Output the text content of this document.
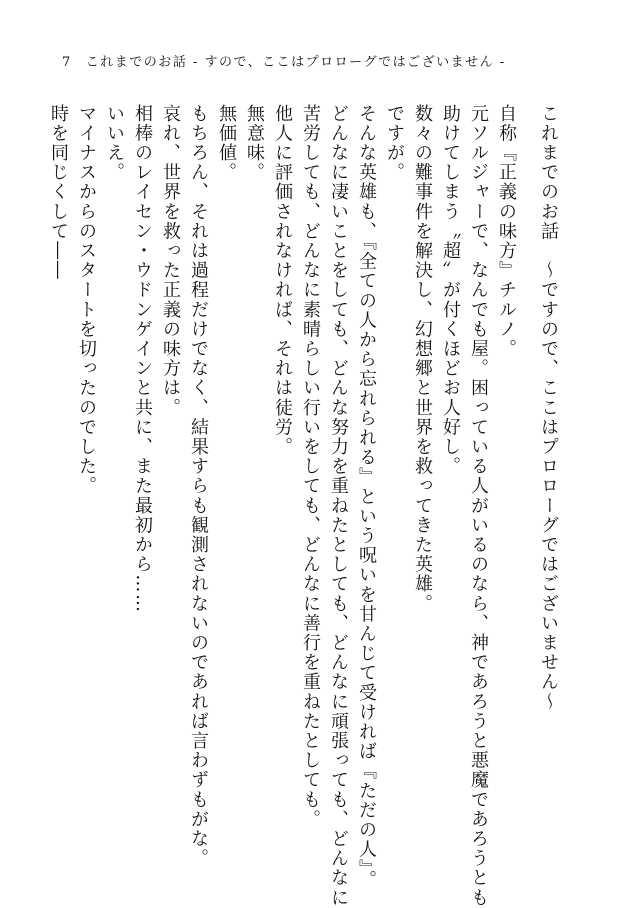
7 これまでのお話 - すので、ここはプロローグではございません -
これまでのお話　～ですので、ここはプロローグではございません～
自称『正義の味方』チルノ。
元ソルジャーで、なんでも屋。困っている人がいるのなら、神であろうと悪魔であろうとも
助けてしまう〝超〟が付くほどお人好し。
数々の難事件を解決し、幻想郷と世界を救ってきた英雄。
ですが。
そんな英雄も、『全ての人から忘れられる』という呪いを甘んじて受ければ『ただの人』。
どんなに凄いことをしても、どんな努力を重ねたとしても、どんなに頑張っても、どんなに
苦労しても、どんなに素晴らしい行いをしても、どんなに善行を重ねたとしても。
他人に評価されなければ、それは徒労。
無意味。
無価値。
もちろん、それは過程だけでなく、結果すらも観測されないのであれば言わずもがな。
哀れ、世界を救った正義の味方は。
相棒のレイセン・ウドンゲインと共に、また最初から……
いいえ。
マイナスからのスタートを切ったのでした。
時を同じくして――
